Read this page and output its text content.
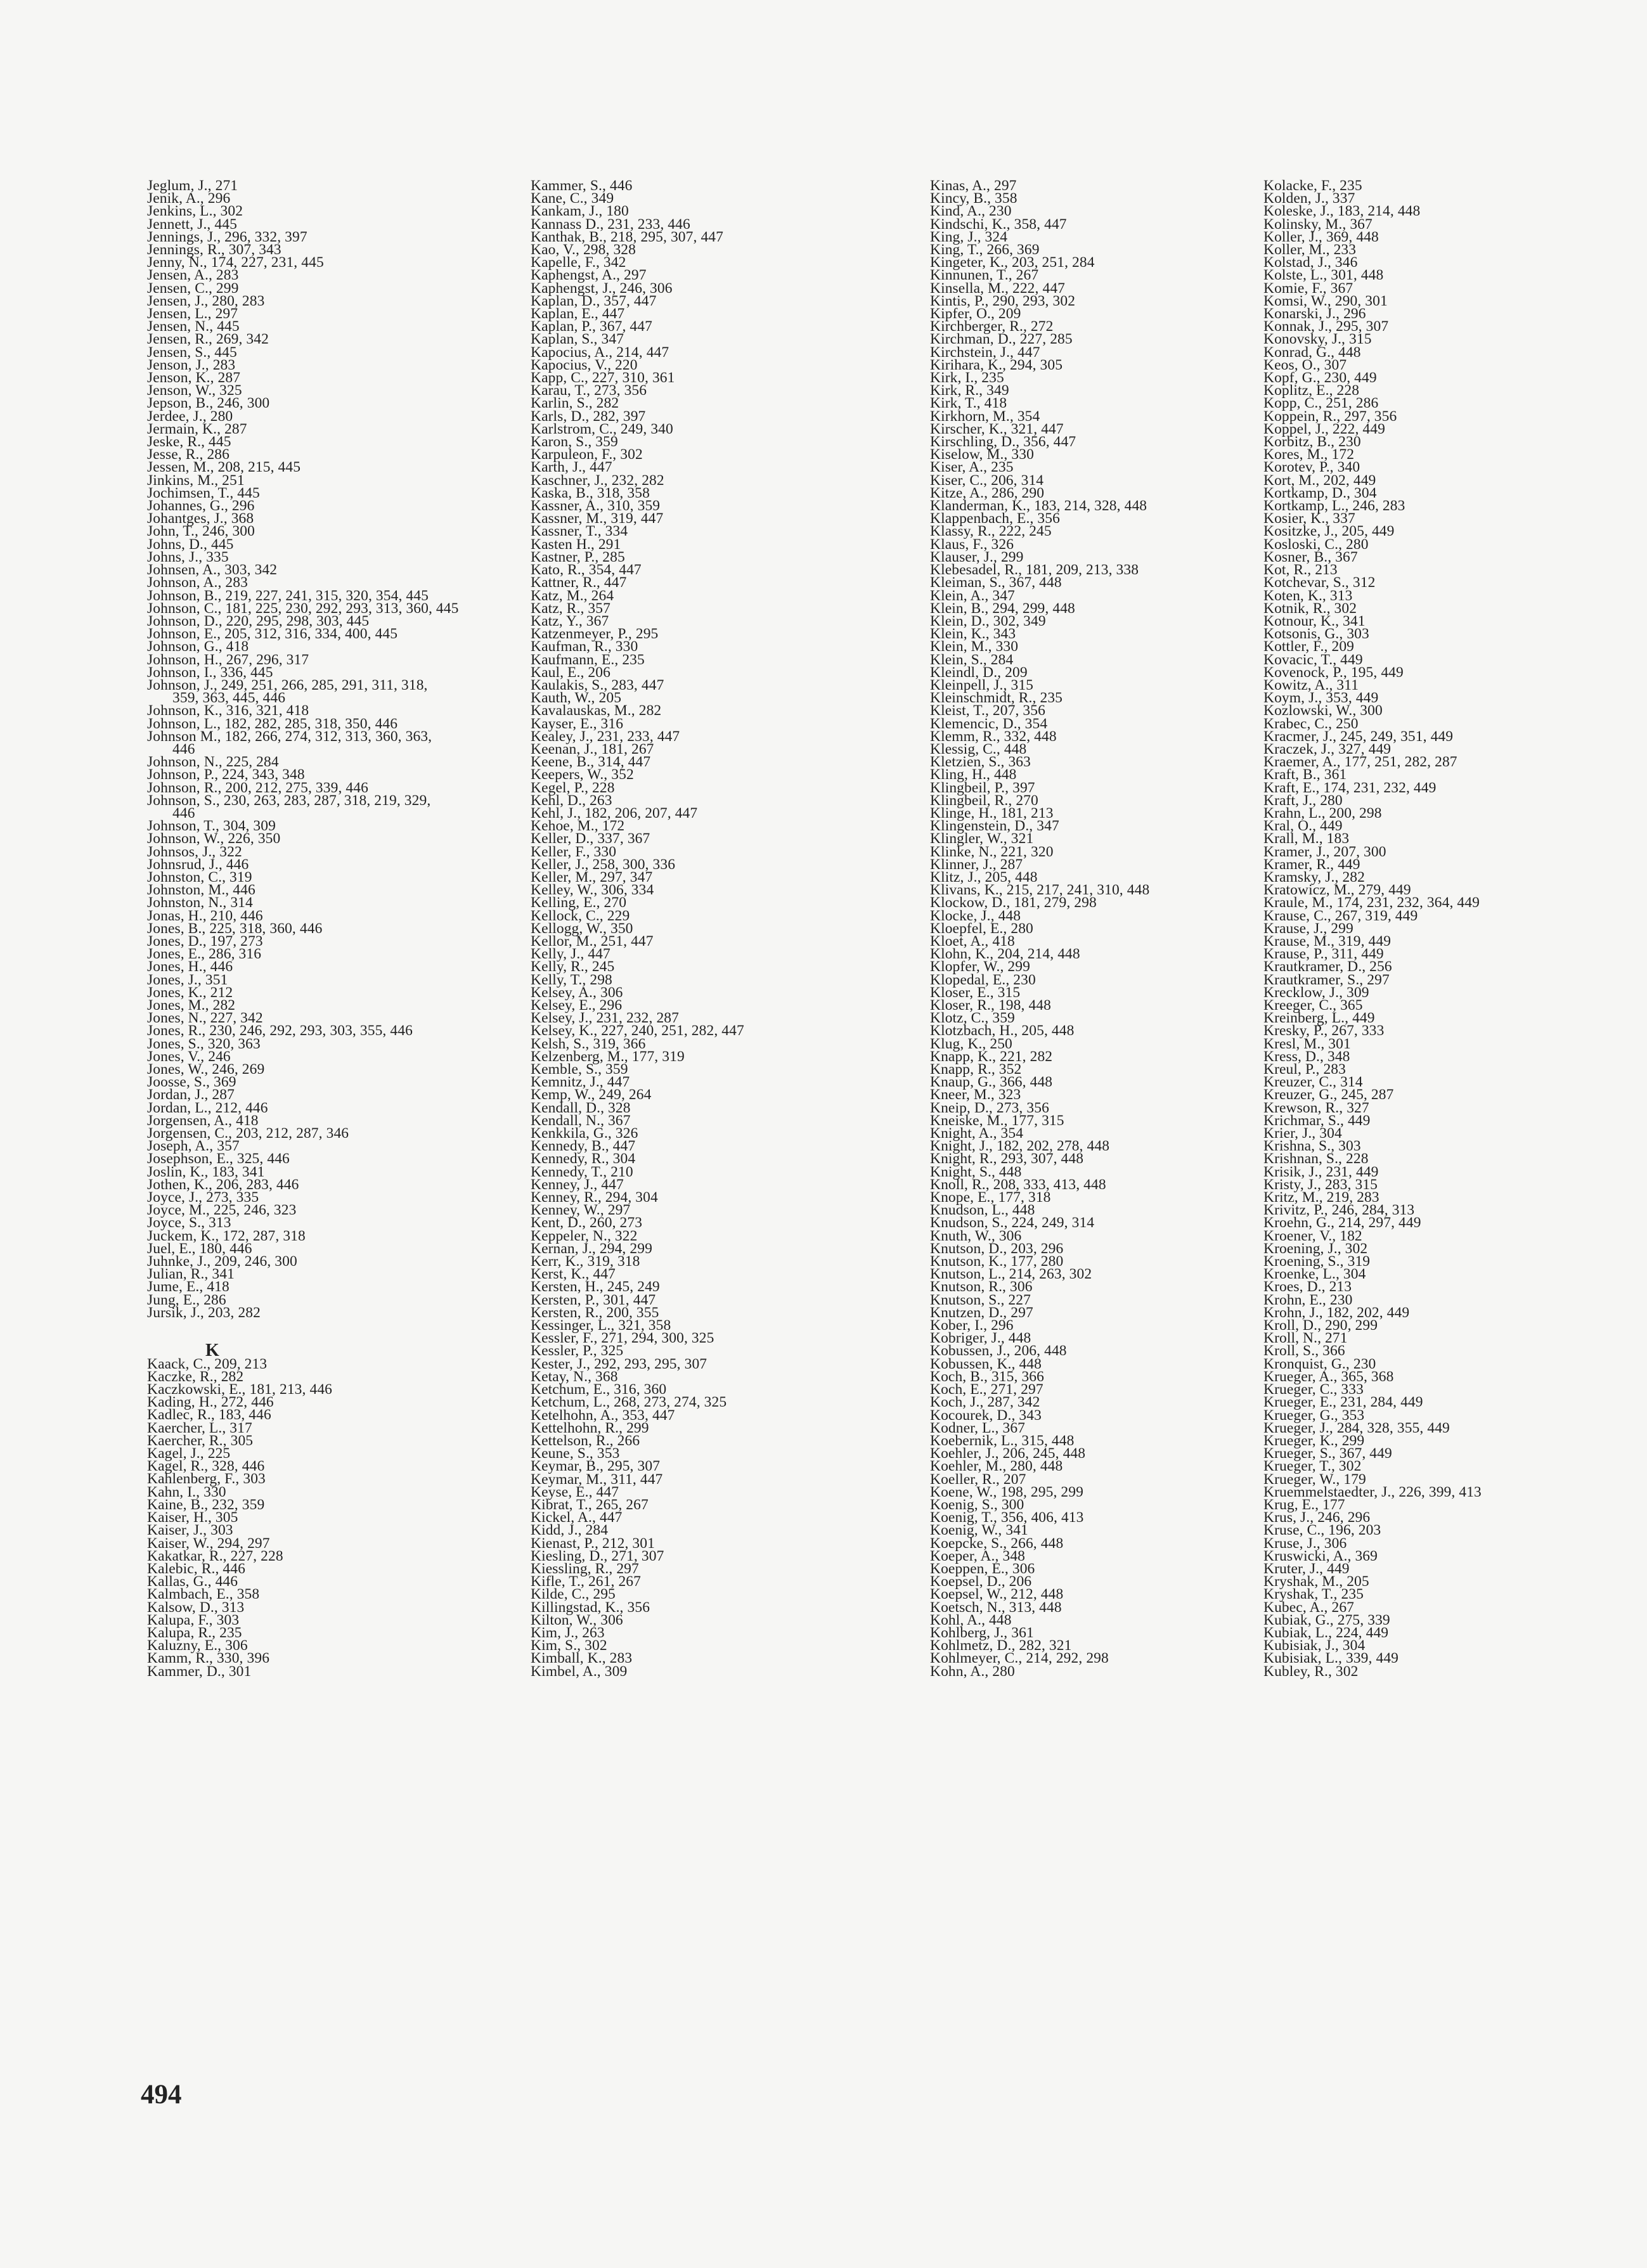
Jeglum, J., 271
Jenik, A., 296
Jenkins, L., 302
Jennett, J., 445
Jennings, J., 296, 332, 397
Jennings, R., 307, 343
Jenny, N., 174, 227, 231, 445
Jensen, A., 283
Jensen, C., 299
Jensen, J., 280, 283
Jensen, L., 297
Jensen, N., 445
Jensen, R., 269, 342
Jensen, S., 445
Jenson, J., 283
Jenson, K., 287
Jenson, W., 325
Jepson, B., 246, 300
Jerdee, J., 280
Jermain, K., 287
Jeske, R., 445
Jesse, R., 286
Jessen, M., 208, 215, 445
Jinkins, M., 251
Jochimsen, T., 445
Johannes, G., 296
Johantges, J., 368
John, T., 246, 300
Johns, D., 445
Johns, J., 335
Johnsen, A., 303, 342
Johnson, A., 283
Johnson, B., 219, 227, 241, 315, 320, 354, 445
Johnson, C., 181, 225, 230, 292, 293, 313, 360, 445
Johnson, D., 220, 295, 298, 303, 445
Johnson, E., 205, 312, 316, 334, 400, 445
Johnson, G., 418
Johnson, H., 267, 296, 317
Johnson, I., 336, 445
Johnson, J., 249, 251, 266, 285, 291, 311, 318,
359, 363, 445, 446
Johnson, K., 316, 321, 418
Johnson, L., 182, 282, 285, 318, 350, 446
Johnson M., 182, 266, 274, 312, 313, 360, 363,
446
Johnson, N., 225, 284
Johnson, P., 224, 343, 348
Johnson, R., 200, 212, 275, 339, 446
Johnson, S., 230, 263, 283, 287, 318, 219, 329,
446
Johnson, T., 304, 309
Johnson, W., 226, 350
Johnsos, J., 322
Johnsrud, J., 446
Johnston, C., 319
Johnston, M., 446
Johnston, N., 314
Jonas, H., 210, 446
Jones, B., 225, 318, 360, 446
Jones, D., 197, 273
Jones, E., 286, 316
Jones, H., 446
Jones, J., 351
Jones, K., 212
Jones, M., 282
Jones, N., 227, 342
Jones, R., 230, 246, 292, 293, 303, 355, 446
Jones, S., 320, 363
Jones, V., 246
Jones, W., 246, 269
Joosse, S., 369
Jordan, J., 287
Jordan, L., 212, 446
Jorgensen, A., 418
Jorgensen, C., 203, 212, 287, 346
Joseph, A., 357
Josephson, E., 325, 446
Joslin, K., 183, 341
Jothen, K., 206, 283, 446
Joyce, J., 273, 335
Joyce, M., 225, 246, 323
Joyce, S., 313
Juckem, K., 172, 287, 318
Juel, E., 180, 446
Juhnke, J., 209, 246, 300
Julian, R., 341
Jume, E., 418
Jung, E., 286
Jursik, J., 203, 282
K
Kaack, C., 209, 213
Kaczke, R., 282
Kaczkowski, E., 181, 213, 446
Kading, H., 272, 446
Kadlec, R., 183, 446
Kaercher, L., 317
Kaercher, R., 305
Kagel, J., 225
Kagel, R., 328, 446
Kahlenberg, F., 303
Kahn, I., 330
Kaine, B., 232, 359
Kaiser, H., 305
Kaiser, J., 303
Kaiser, W., 294, 297
Kakatkar, R., 227, 228
Kalebic, R., 446
Kallas, G., 446
Kalmbach, E., 358
Kalsow, D., 313
Kalupa, F., 303
Kalupa, R., 235
Kaluzny, E., 306
Kamm, R., 330, 396
Kammer, D., 301
Kammer, S., 446
Kane, C., 349
Kankam, J., 180
Kannass D., 231, 233, 446
Kanthak, B., 218, 295, 307, 447
Kao, V., 298, 328
Kapelle, F., 342
Kaphengst, A., 297
Kaphengst, J., 246, 306
Kaplan, D., 357, 447
Kaplan, E., 447
Kaplan, P., 367, 447
Kaplan, S., 347
Kapocius, A., 214, 447
Kapocius, V., 220
Kapp, C., 227, 310, 361
Karau, T., 273, 356
Karlin, S., 282
Karls, D., 282, 397
Karlstrom, C., 249, 340
Karon, S., 359
Karpuleon, F., 302
Karth, J., 447
Kaschner, J., 232, 282
Kaska, B., 318, 358
Kassner, A., 310, 359
Kassner, M., 319, 447
Kassner, T., 334
Kasten H., 291
Kastner, P., 285
Kato, R., 354, 447
Kattner, R., 447
Katz, M., 264
Katz, R., 357
Katz, Y., 367
Katzenmeyer, P., 295
Kaufman, R., 330
Kaufmann, E., 235
Kaul, E., 206
Kaulakis, S., 283, 447
Kauth, W., 205
Kavalauskas, M., 282
Kayser, E., 316
Kealey, J., 231, 233, 447
Keenan, J., 181, 267
Keene, B., 314, 447
Keepers, W., 352
Kegel, P., 228
Kehl, D., 263
Kehl, J., 182, 206, 207, 447
Kehoe, M., 172
Keller, D., 337, 367
Keller, F., 330
Keller, J., 258, 300, 336
Keller, M., 297, 347
Kelley, W., 306, 334
Kelling, E., 270
Kellock, C., 229
Kellogg, W., 350
Kellor, M., 251, 447
Kelly, J., 447
Kelly, R., 245
Kelly, T., 298
Kelsey, A., 306
Kelsey, E., 296
Kelsey, J., 231, 232, 287
Kelsey, K., 227, 240, 251, 282, 447
Kelsh, S., 319, 366
Kelzenberg, M., 177, 319
Kemble, S., 359
Kemnitz, J., 447
Kemp, W., 249, 264
Kendall, D., 328
Kendall, N., 367
Kenkkila, G., 326
Kennedy, B., 447
Kennedy, R., 304
Kennedy, T., 210
Kenney, J., 447
Kenney, R., 294, 304
Kenney, W., 297
Kent, D., 260, 273
Keppeler, N., 322
Kernan, J., 294, 299
Kerr, K., 319, 318
Kerst, K., 447
Kersten, H., 245, 249
Kersten, P., 301, 447
Kersten, R., 200, 355
Kessinger, L., 321, 358
Kessler, F., 271, 294, 300, 325
Kessler, P., 325
Kester, J., 292, 293, 295, 307
Ketay, N., 368
Ketchum, E., 316, 360
Ketchum, L., 268, 273, 274, 325
Ketelhohn, A., 353, 447
Kettelhohn, R., 299
Kettelson, R., 266
Keune, S., 353
Keymar, B., 295, 307
Keymar, M., 311, 447
Keyse, E., 447
Kibrat, T., 265, 267
Kickel, A., 447
Kidd, J., 284
Kienast, P., 212, 301
Kiesling, D., 271, 307
Kiessling, R., 297
Kifle, T., 261, 267
Kilde, C., 295
Killingstad, K., 356
Kilton, W., 306
Kim, J., 263
Kim, S., 302
Kimball, K., 283
Kimbel, A., 309
Kinas, A., 297
Kincy, B., 358
Kind, A., 230
Kindschi, K., 358, 447
King, J., 324
King, T., 266, 369
Kingeter, K., 203, 251, 284
Kinnunen, T., 267
Kinsella, M., 222, 447
Kintis, P., 290, 293, 302
Kipfer, O., 209
Kirchberger, R., 272
Kirchman, D., 227, 285
Kirchstein, J., 447
Kirihara, K., 294, 305
Kirk, I., 235
Kirk, R., 349
Kirk, T., 418
Kirkhorn, M., 354
Kirscher, K., 321, 447
Kirschling, D., 356, 447
Kiselow, M., 330
Kiser, A., 235
Kiser, C., 206, 314
Kitze, A., 286, 290
Klanderman, K., 183, 214, 328, 448
Klappenbach, E., 356
Klassy, R., 222, 245
Klaus, F., 326
Klauser, J., 299
Klebesadel, R., 181, 209, 213, 338
Kleiman, S., 367, 448
Klein, A., 347
Klein, B., 294, 299, 448
Klein, D., 302, 349
Klein, K., 343
Klein, M., 330
Klein, S., 284
Kleindl, D., 209
Kleinpell, J., 315
Kleinschmidt, R., 235
Kleist, T., 207, 356
Klemencic, D., 354
Klemm, R., 332, 448
Klessig, C., 448
Kletzien, S., 363
Kling, H., 448
Klingbeil, P., 397
Klingbeil, R., 270
Klinge, H., 181, 213
Klingenstein, D., 347
Klingler, W., 321
Klinke, N., 221, 320
Klinner, J., 287
Klitz, J., 205, 448
Klivans, K., 215, 217, 241, 310, 448
Klockow, D., 181, 279, 298
Klocke, J., 448
Kloepfel, E., 280
Kloet, A., 418
Klohn, K., 204, 214, 448
Klopfer, W., 299
Klopedal, E., 230
Kloser, E., 315
Kloser, R., 198, 448
Klotz, C., 359
Klotzbach, H., 205, 448
Klug, K., 250
Knapp, K., 221, 282
Knapp, R., 352
Knaup, G., 366, 448
Kneer, M., 323
Kneip, D., 273, 356
Kneiske, M., 177, 315
Knight, A., 354
Knight, J., 182, 202, 278, 448
Knight, R., 293, 307, 448
Knight, S., 448
Knoll, R., 208, 333, 413, 448
Knope, E., 177, 318
Knudson, L., 448
Knudson, S., 224, 249, 314
Knuth, W., 306
Knutson, D., 203, 296
Knutson, K., 177, 280
Knutson, L., 214, 263, 302
Knutson, R., 306
Knutson, S., 227
Knutzen, D., 297
Kober, I., 296
Kobriger, J., 448
Kobussen, J., 206, 448
Kobussen, K., 448
Koch, B., 315, 366
Koch, E., 271, 297
Koch, J., 287, 342
Kocourek, D., 343
Kodner, L., 367
Koebernik, L., 315, 448
Koehler, J., 206, 245, 448
Koehler, M., 280, 448
Koeller, R., 207
Koene, W., 198, 295, 299
Koenig, S., 300
Koenig, T., 356, 406, 413
Koenig, W., 341
Koepcke, S., 266, 448
Koeper, A., 348
Koeppen, E., 306
Koepsel, D., 206
Koepsel, W., 212, 448
Koetsch, N., 313, 448
Kohl, A., 448
Kohlberg, J., 361
Kohlmetz, D., 282, 321
Kohlmeyer, C., 214, 292, 298
Kohn, A., 280
Kolacke, F., 235
Kolden, J., 337
Koleske, J., 183, 214, 448
Kolinsky, M., 367
Koller, J., 369, 448
Koller, M., 233
Kolstad, J., 346
Kolste, L., 301, 448
Komie, F., 367
Komsi, W., 290, 301
Konarski, J., 296
Konnak, J., 295, 307
Konovsky, J., 315
Konrad, G., 448
Keos, O., 307
Kopf, G., 230, 449
Koplitz, E., 228
Kopp, C., 251, 286
Koppein, R., 297, 356
Koppel, J., 222, 449
Korbitz, B., 230
Kores, M., 172
Korotev, P., 340
Kort, M., 202, 449
Kortkamp, D., 304
Kortkamp, L., 246, 283
Kosier, K., 337
Kositzke, J., 205, 449
Kosloski, C., 280
Kosner, B., 367
Kot, R., 213
Kotchevar, S., 312
Koten, K., 313
Kotnik, R., 302
Kotnour, K., 341
Kotsonis, G., 303
Kottler, F., 209
Kovacic, T., 449
Kovenock, P., 195, 449
Kowitz, A., 311
Koym, J., 353, 449
Kozlowski, W., 300
Krabec, C., 250
Kracmer, J., 245, 249, 351, 449
Kraczek, J., 327, 449
Kraemer, A., 177, 251, 282, 287
Kraft, B., 361
Kraft, E., 174, 231, 232, 449
Kraft, J., 280
Krahn, L., 200, 298
Kral, O., 449
Krall, M., 183
Kramer, J., 207, 300
Kramer, R., 449
Kramsky, J., 282
Kratowicz, M., 279, 449
Kraule, M., 174, 231, 232, 364, 449
Krause, C., 267, 319, 449
Krause, J., 299
Krause, M., 319, 449
Krause, P., 311, 449
Krautkramer, D., 256
Krautkramer, S., 297
Krecklow, J., 309
Kreeger, C., 365
Kreinberg, L., 449
Kresky, P., 267, 333
Kresl, M., 301
Kress, D., 348
Kreul, P., 283
Kreuzer, C., 314
Kreuzer, G., 245, 287
Krewson, R., 327
Krichmar, S., 449
Krier, J., 304
Krishna, S., 303
Krishnan, S., 228
Krisik, J., 231, 449
Kristy, J., 283, 315
Kritz, M., 219, 283
Krivitz, P., 246, 284, 313
Kroehn, G., 214, 297, 449
Kroener, V., 182
Kroening, J., 302
Kroening, S., 319
Kroenke, L., 304
Kroes, D., 213
Krohn, E., 230
Krohn, J., 182, 202, 449
Kroll, D., 290, 299
Kroll, N., 271
Kroll, S., 366
Kronquist, G., 230
Krueger, A., 365, 368
Krueger, C., 333
Krueger, E., 231, 284, 449
Krueger, G., 353
Krueger, J., 284, 328, 355, 449
Krueger, K., 299
Krueger, S., 367, 449
Krueger, T., 302
Krueger, W., 179
Kruemmelstaedter, J., 226, 399, 413
Krug, E., 177
Krus, J., 246, 296
Kruse, C., 196, 203
Kruse, J., 306
Kruswicki, A., 369
Kruter, J., 449
Kryshak, M., 205
Kryshak, T., 235
Kubec, A., 267
Kubiak, G., 275, 339
Kubiak, L., 224, 449
Kubisiak, J., 304
Kubisiak, L., 339, 449
Kubley, R., 302
494
